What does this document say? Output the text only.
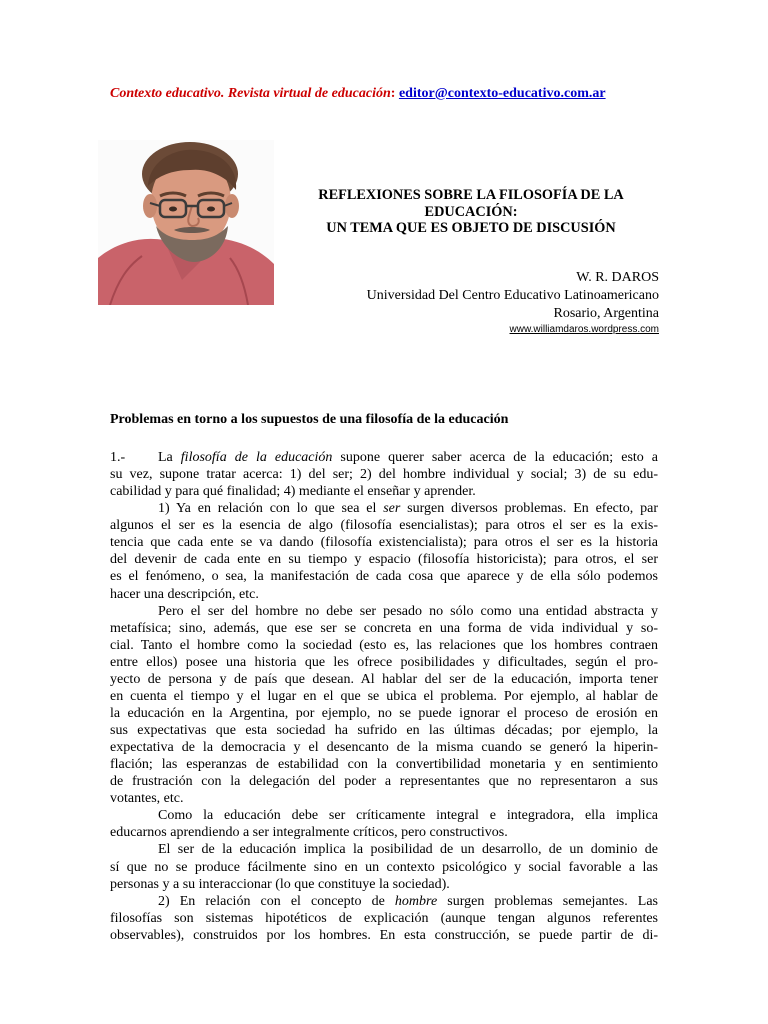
Contexto educativo. Revista virtual de educación: editor@contexto-educativo.com.ar
REFLEXIONES SOBRE LA FILOSOFÍA DE LA
EDUCACIÓN:
UN TEMA QUE ES OBJETO DE DISCUSIÓN
W. R. DAROS
Universidad Del Centro Educativo Latinoamericano
Rosario, Argentina
www.williamdaros.wordpress.com
Problemas en torno a los supuestos de una filosofía de la educación
1.- La filosofía de la educación supone querer saber acerca de la educación; esto a
su vez, supone tratar acerca: 1) del ser; 2) del hombre individual y social; 3) de su edu-
cabilidad y para qué finalidad; 4) mediante el enseñar y aprender.
1) Ya en relación con lo que sea el ser surgen diversos problemas. En efecto, par
algunos el ser es la esencia de algo (filosofía esencialistas); para otros el ser es la exis-
tencia que cada ente se va dando (filosofía existencialista); para otros el ser es la historia
del devenir de cada ente en su tiempo y espacio (filosofía historicista); para otros, el ser
es el fenómeno, o sea, la manifestación de cada cosa que aparece y de ella sólo podemos
hacer una descripción, etc.
Pero el ser del hombre no debe ser pesado no sólo como una entidad abstracta y
metafísica; sino, además, que ese ser se concreta en una forma de vida individual y so-
cial. Tanto el hombre como la sociedad (esto es, las relaciones que los hombres contraen
entre ellos) posee una historia que les ofrece posibilidades y dificultades, según el pro-
yecto de persona y de país que desean. Al hablar del ser de la educación, importa tener
en cuenta el tiempo y el lugar en el que se ubica el problema. Por ejemplo, al hablar de
la educación en la Argentina, por ejemplo, no se puede ignorar el proceso de erosión en
sus expectativas que esta sociedad ha sufrido en las últimas décadas; por ejemplo, la
expectativa de la democracia y el desencanto de la misma cuando se generó la hiperin-
flación; las esperanzas de estabilidad con la convertibilidad monetaria y en sentimiento
de frustración con la delegación del poder a representantes que no representaron a sus
votantes, etc.
Como la educación debe ser críticamente integral e integradora, ella implica
educarnos aprendiendo a ser integralmente críticos, pero constructivos.
El ser de la educación implica la posibilidad de un desarrollo, de un dominio de
sí que no se produce fácilmente sino en un contexto psicológico y social favorable a las
personas y a su interaccionar (lo que constituye la sociedad).
2) En relación con el concepto de hombre surgen problemas semejantes. Las
filosofías son sistemas hipotéticos de explicación (aunque tengan algunos referentes
observables), construidos por los hombres. En esta construcción, se puede partir de di-
